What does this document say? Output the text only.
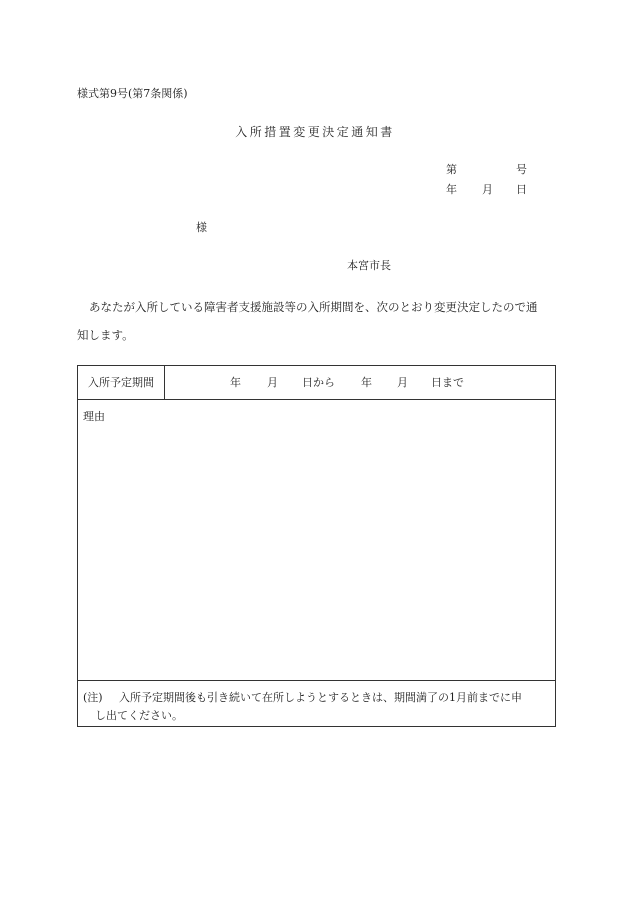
様式第9号(第7条関係)
入所措置変更決定通知書
第	号
年 月 日
様
本宮市長
あなたが入所している障害者支援施設等の入所期間を、次のとおり変更決定したので通
知します。
入所予定期間	年 月 日から 年 月 日まで
理由
(注) 入所予定期間後も引き続いて在所しようとするときは、期間満了の1月前までに申
し出てください。
